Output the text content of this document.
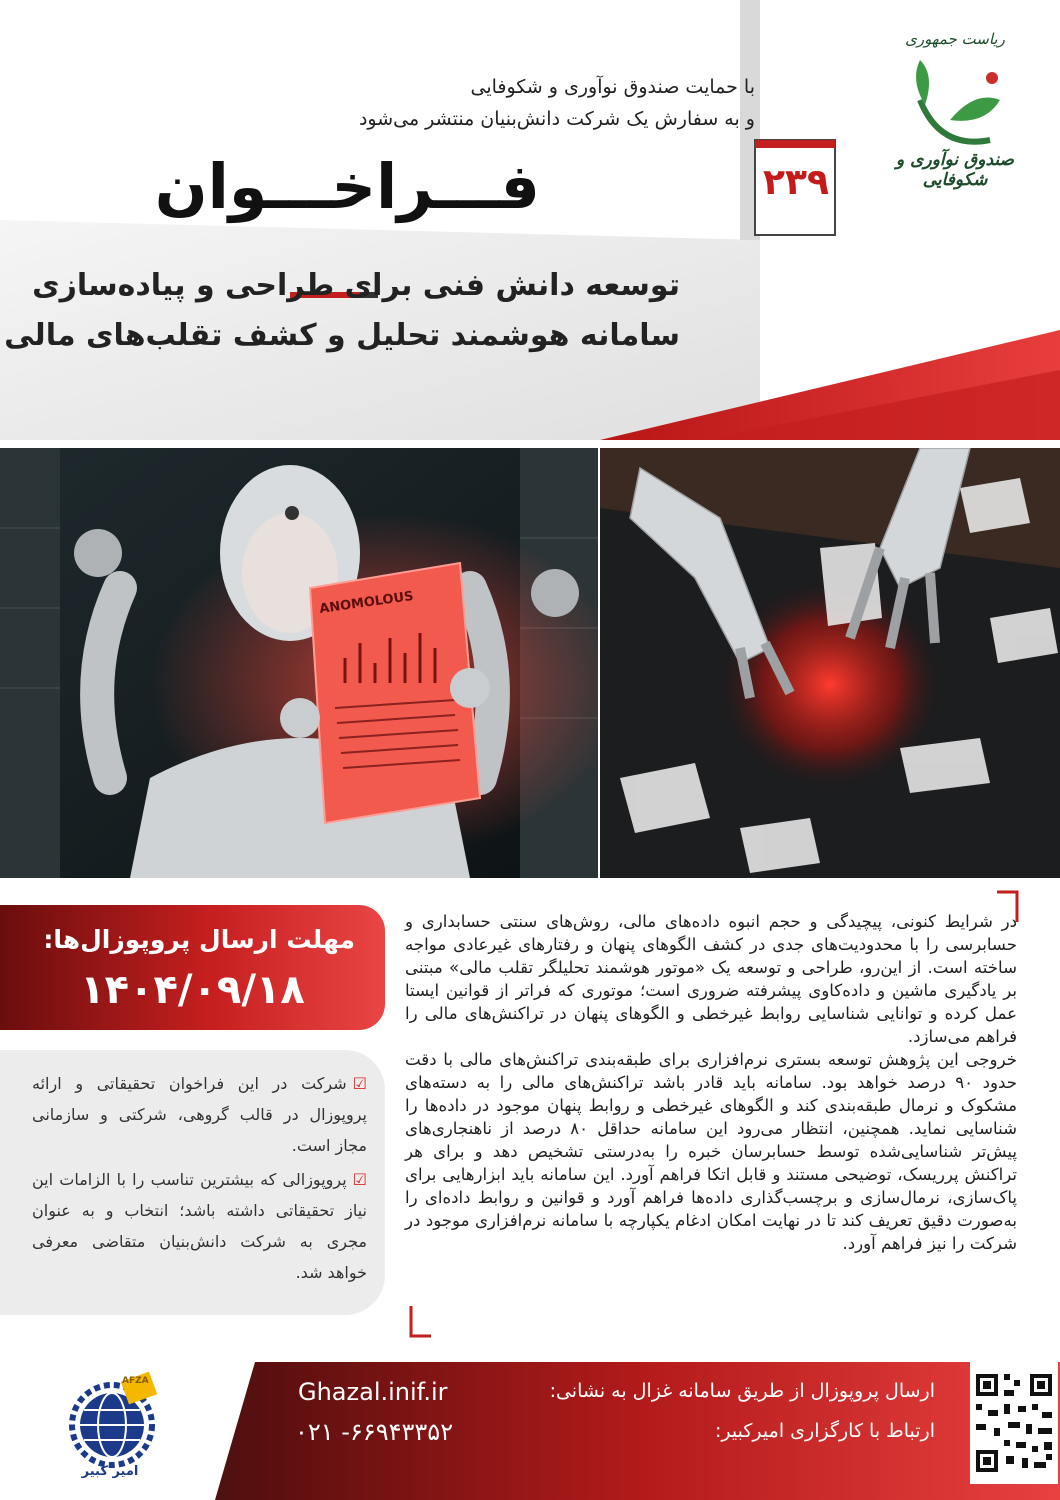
ریاست جمهوری
صندوق نوآوری و شکوفایی
با حمایت صندوق نوآوری و شکوفایی
و به سفارش یک شرکت دانش‌بنیان منتشر می‌شود
فـــراخـــوان	۲۳۹
توسعه دانش فنی برای طراحی و پیاده‌سازی
سامانه هوشمند تحلیل و کشف تقلب‌های مالی
ANOMOLOUS
مهلت ارسال پروپوزال‌ها:
۱۴۰۴/۰۹/۱۸
☑شرکت در این فراخوان تحقیقاتی و ارائه پروپوزال در قالب گروهی، شرکتی و سازمانی مجاز است.
☑پروپوزالی که بیشترین تناسب را با الزامات این نیاز تحقیقاتی داشته باشد؛ انتخاب و به عنوان مجری به شرکت دانش‌بنیان متقاضی معرفی خواهد شد.

در شرایط کنونی، پیچیدگی و حجم انبوه داده‌های مالی، روش‌های سنتی حسابداری و حسابرسی را با محدودیت‌های جدی در کشف الگوهای پنهان و رفتارهای غیرعادی مواجه ساخته است. از این‌رو، طراحی و توسعه یک «موتور هوشمند تحلیلگر تقلب مالی» مبتنی بر یادگیری ماشین و داده‌کاوی پیشرفته ضروری است؛ موتوری که فراتر از قوانین ایستا عمل کرده و توانایی شناسایی روابط غیرخطی و الگوهای پنهان در تراکنش‌های مالی را فراهم می‌سازد.

خروجی این پژوهش توسعه بستری نرم‌افزاری برای طبقه‌بندی تراکنش‌های مالی با دقت حدود ۹۰ درصد خواهد بود. سامانه باید قادر باشد تراکنش‌های مالی را به دسته‌های مشکوک و نرمال طبقه‌بندی کند و الگوهای غیرخطی و روابط پنهان موجود در داده‌ها را شناسایی نماید. همچنین، انتظار می‌رود این سامانه حداقل ۸۰ درصد از ناهنجاری‌های پیش‌تر شناسایی‌شده توسط حسابرسان خبره را به‌درستی تشخیص دهد و برای هر تراکنش پرریسک، توضیحی مستند و قابل اتکا فراهم آورد. این سامانه باید ابزارهایی برای پاک‌سازی، نرمال‌سازی و برچسب‌گذاری داده‌ها فراهم آورد و قوانین و روابط داده‌ای را به‌صورت دقیق تعریف کند تا در نهایت امکان ادغام یکپارچه با سامانه نرم‌افزاری موجود در شرکت را نیز فراهم آورد.

AFZA
امیر کبیر
Ghazal.inif.ir
۰۲۱ -۶۶۹۴۳۳۵۲
ارسال پروپوزال از طریق سامانه غزال به نشانی:
ارتباط با کارگزاری امیرکبیر:
